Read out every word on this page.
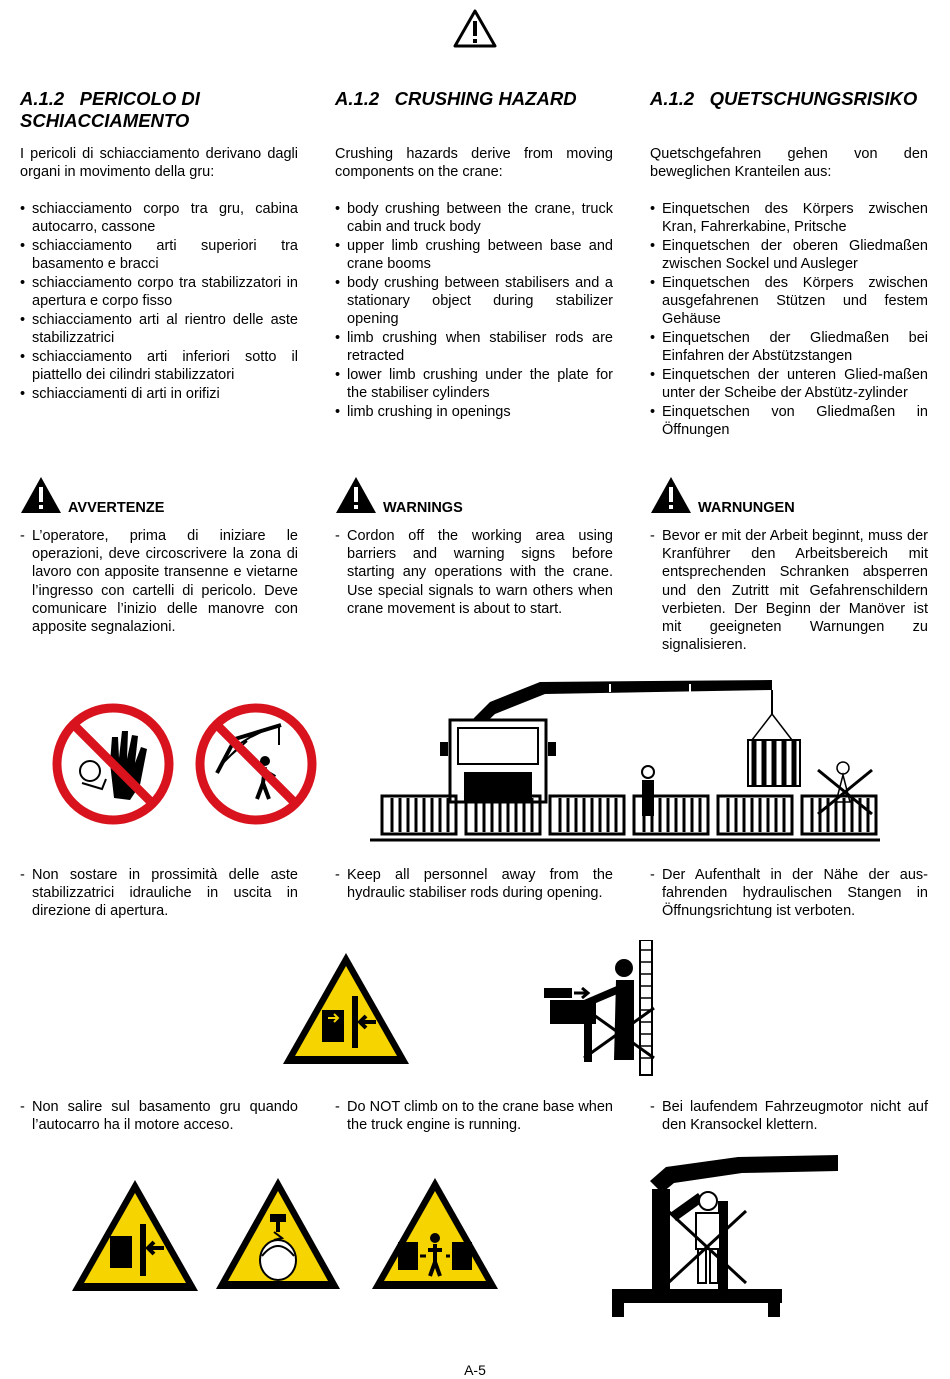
A.1.2 PERICOLO DI SCHIACCIAMENTO
A.1.2 CRUSHING HAZARD	A.1.2 QUETSCHUNGSRISIKO

I pericoli di schiacciamento derivano dagli organi in movimento della gru:

Crushing hazards derive from moving components on the crane:

Quetschgefahren gehen von den beweglichen Kranteilen aus:

• schiacciamento corpo tra gru, cabina autocarro, cassone
• schiacciamento arti superiori tra basamento e bracci
• schiacciamento corpo tra stabilizzatori in apertura e corpo fisso
• schiacciamento arti al rientro delle aste stabilizzatrici
• schiacciamento arti inferiori sotto il piattello dei cilindri stabilizzatori
• schiacciamenti di arti in orifizi
• body crushing between the crane, truck cabin and truck body
• upper limb crushing between base and crane booms
• body crushing between stabilisers and a stationary object during stabilizer opening
• limb crushing when stabiliser rods are retracted
• lower limb crushing under the plate for the stabiliser cylinders
• limb crushing in openings
• Einquetschen des Körpers zwischen Kran, Fahrerkabine, Pritsche
• Einquetschen der oberen Gliedmaßen zwischen Sockel und Ausleger
• Einquetschen des Körpers zwischen ausgefahrenen Stützen und festem Gehäuse
• Einquetschen der Gliedmaßen bei Einfahren der Abstützstangen
• Einquetschen der unteren Glied-maßen unter der Scheibe der Abstütz-zylinder
• Einquetschen von Gliedmaßen in Öffnungen
AVVERTENZE	WARNINGS	WARNUNGEN
- L’operatore, prima di iniziare le operazioni, deve circoscrivere la zona di lavoro con apposite transenne e vietarne l’ingresso con cartelli di pericolo. Deve comunicare l’inizio delle manovre con apposite segnalazioni.
- Cordon off the working area using barriers and warning signs before starting any operations with the crane. Use special signals to warn others when crane movement is about to start.
- Bevor er mit der Arbeit beginnt, muss der Kranführer den Arbeitsbereich mit entsprechenden Schranken absperren und den Zutritt mit Gefahrenschildern verbieten. Der Beginn der Manöver ist mit geeigneten Warnungen zu signalisieren.
- Non sostare in prossimità delle aste stabilizzatrici idrauliche in uscita in direzione di apertura.
- Keep all personnel away from the hydraulic stabiliser rods during opening.
- Der Aufenthalt in der Nähe der aus-fahrenden hydraulischen Stangen in Öffnungsrichtung ist verboten.
- Non salire sul basamento gru quando l’autocarro ha il motore acceso.
- Do NOT climb on to the crane base when the truck engine is running.
- Bei laufendem Fahrzeugmotor nicht auf den Kransockel klettern.
A-5
